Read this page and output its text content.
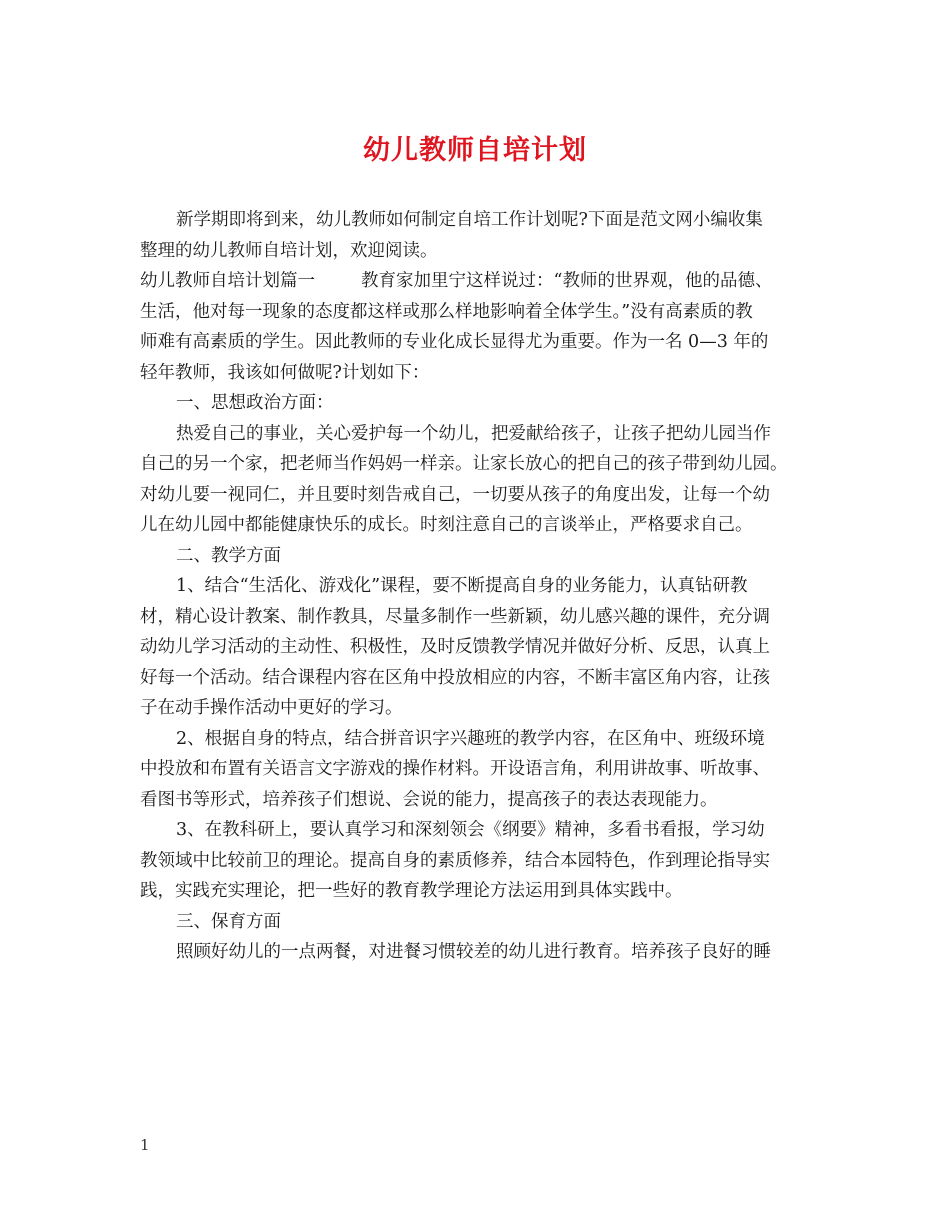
幼儿教师自培计划
新学期即将到来，幼儿教师如何制定自培工作计划呢?下面是范文网小编收集
整理的幼儿教师自培计划，欢迎阅读。
幼儿教师自培计划篇一	教育家加里宁这样说过：“教师的世界观，他的品德、
生活，他对每一现象的态度都这样或那么样地影响着全体学生。”没有高素质的教
师难有高素质的学生。因此教师的专业化成长显得尤为重要。作为一名 0—3 年的
轻年教师，我该如何做呢?计划如下：
一、思想政治方面：
热爱自己的事业，关心爱护每一个幼儿，把爱献给孩子，让孩子把幼儿园当作
自己的另一个家，把老师当作妈妈一样亲。让家长放心的把自己的孩子带到幼儿园。
对幼儿要一视同仁，并且要时刻告戒自己，一切要从孩子的角度出发，让每一个幼
儿在幼儿园中都能健康快乐的成长。时刻注意自己的言谈举止，严格要求自己。
二、教学方面
1、结合“生活化、游戏化”课程，要不断提高自身的业务能力，认真钻研教
材，精心设计教案、制作教具，尽量多制作一些新颖，幼儿感兴趣的课件，充分调
动幼儿学习活动的主动性、积极性，及时反馈教学情况并做好分析、反思，认真上
好每一个活动。结合课程内容在区角中投放相应的内容，不断丰富区角内容，让孩
子在动手操作活动中更好的学习。
2、根据自身的特点，结合拼音识字兴趣班的教学内容，在区角中、班级环境
中投放和布置有关语言文字游戏的操作材料。开设语言角，利用讲故事、听故事、
看图书等形式，培养孩子们想说、会说的能力，提高孩子的表达表现能力。
3、在教科研上，要认真学习和深刻领会《纲要》精神，多看书看报，学习幼
教领域中比较前卫的理论。提高自身的素质修养，结合本园特色，作到理论指导实
践，实践充实理论，把一些好的教育教学理论方法运用到具体实践中。
三、保育方面
照顾好幼儿的一点两餐，对进餐习惯较差的幼儿进行教育。培养孩子良好的睡
1
